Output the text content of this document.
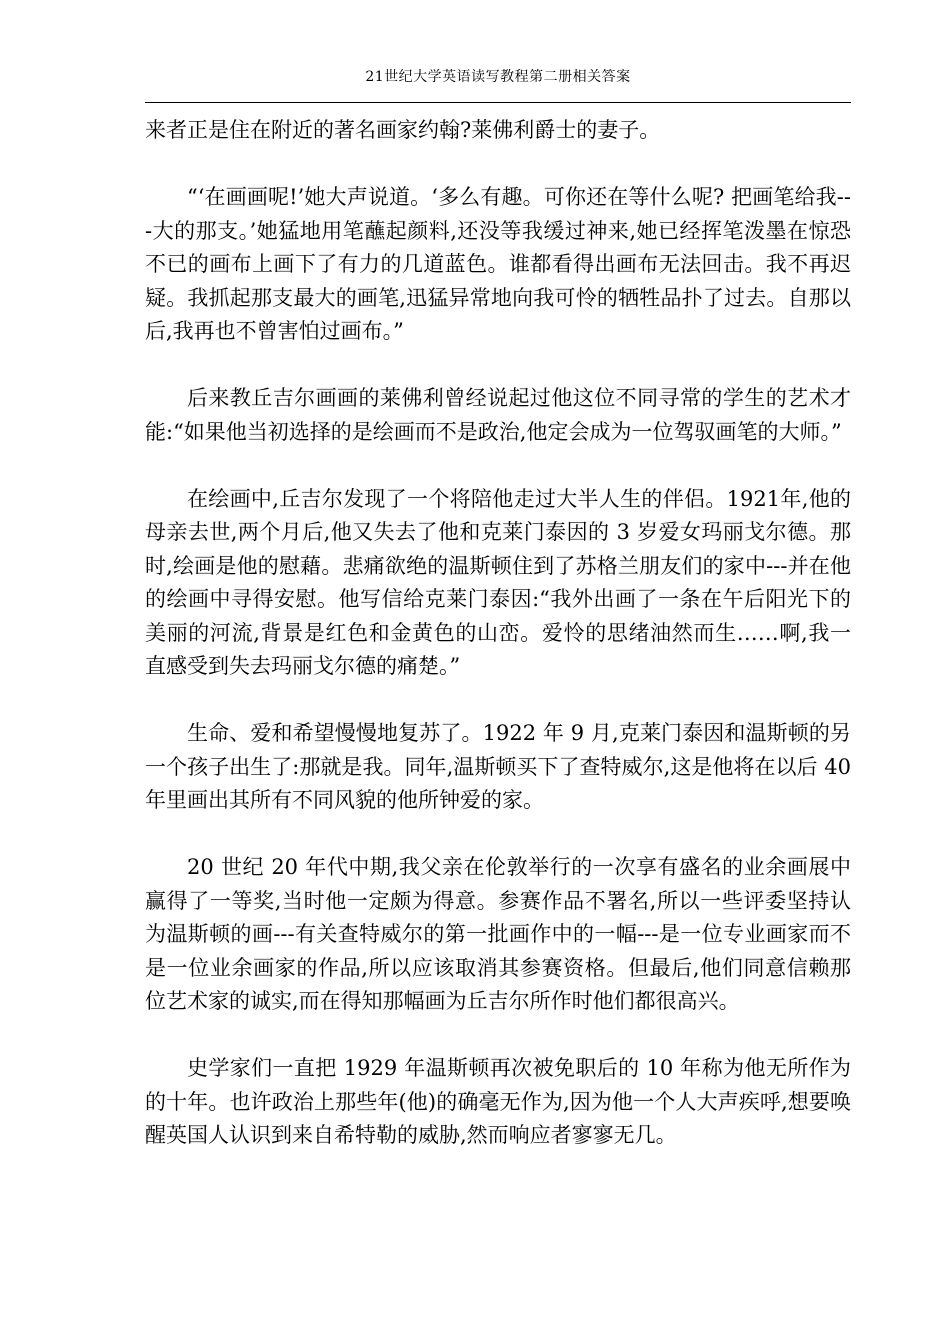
21世纪大学英语读写教程第二册相关答案

来者正是住在附近的著名画家约翰?莱佛利爵士的妻子。

“‘在画画呢!’她大声说道。‘多么有趣。可你还在等什么呢? 把画笔给我---大的那支。’她猛地用笔蘸起颜料,还没等我缓过神来,她已经挥笔泼墨在惊恐不已的画布上画下了有力的几道蓝色。谁都看得出画布无法回击。我不再迟疑。我抓起那支最大的画笔,迅猛异常地向我可怜的牺牲品扑了过去。自那以后,我再也不曾害怕过画布。”

后来教丘吉尔画画的莱佛利曾经说起过他这位不同寻常的学生的艺术才能:“如果他当初选择的是绘画而不是政治,他定会成为一位驾驭画笔的大师。”

在绘画中,丘吉尔发现了一个将陪他走过大半人生的伴侣。1921年,他的母亲去世,两个月后,他又失去了他和克莱门泰因的 3 岁爱女玛丽戈尔德。那时,绘画是他的慰藉。悲痛欲绝的温斯顿住到了苏格兰朋友们的家中---并在他的绘画中寻得安慰。他写信给克莱门泰因:“我外出画了一条在午后阳光下的美丽的河流,背景是红色和金黄色的山峦。爱怜的思绪油然而生……啊,我一直感受到失去玛丽戈尔德的痛楚。”

生命、爱和希望慢慢地复苏了。1922 年 9 月,克莱门泰因和温斯顿的另一个孩子出生了:那就是我。同年,温斯顿买下了查特威尔,这是他将在以后 40 年里画出其所有不同风貌的他所钟爱的家。

20 世纪 20 年代中期,我父亲在伦敦举行的一次享有盛名的业余画展中赢得了一等奖,当时他一定颇为得意。参赛作品不署名,所以一些评委坚持认为温斯顿的画---有关查特威尔的第一批画作中的一幅---是一位专业画家而不是一位业余画家的作品,所以应该取消其参赛资格。但最后,他们同意信赖那位艺术家的诚实,而在得知那幅画为丘吉尔所作时他们都很高兴。

史学家们一直把 1929 年温斯顿再次被免职后的 10 年称为他无所作为的十年。也许政治上那些年(他)的确毫无作为,因为他一个人大声疾呼,想要唤醒英国人认识到来自希特勒的威胁,然而响应者寥寥无几。
